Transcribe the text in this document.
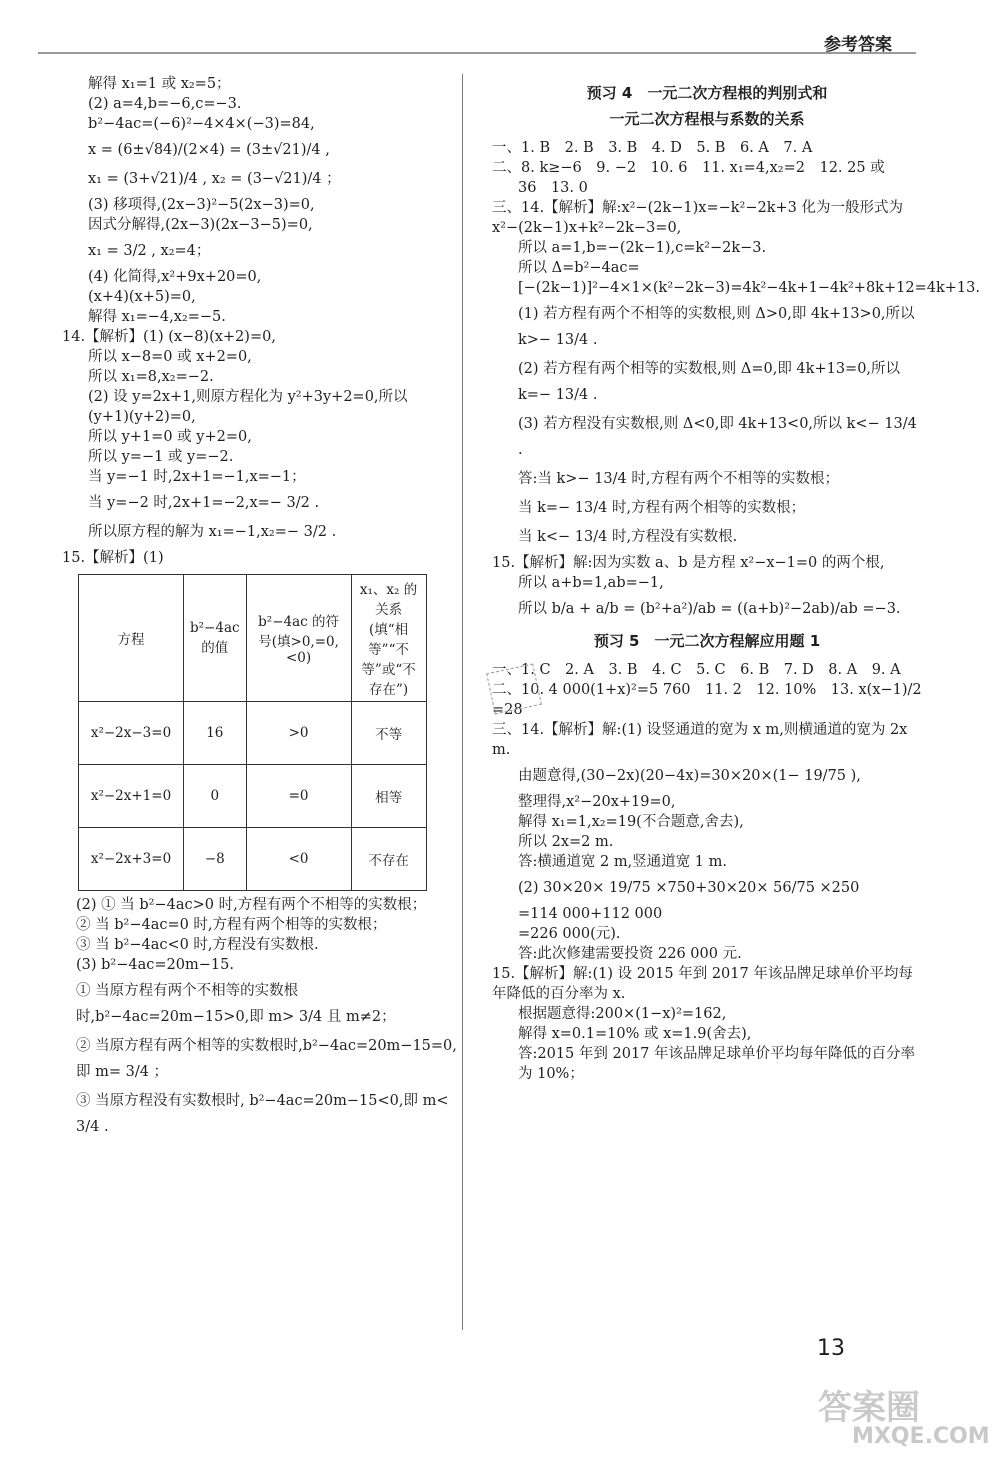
参考答案

解得 x₁=1 或 x₂=5；

(2) a=4,b=−6,c=−3.

b²−4ac=(−6)²−4×4×(−3)=84,

x = (6±√84)/(2×4) = (3±√21)/4 ,

x₁ = (3+√21)/4 , x₂ = (3−√21)/4 ；

(3) 移项得,(2x−3)²−5(2x−3)=0,

因式分解得,(2x−3)(2x−3−5)=0,

x₁ = 3/2 , x₂=4；

(4) 化简得,x²+9x+20=0,

(x+4)(x+5)=0,

解得 x₁=−4,x₂=−5.

14.【解析】(1) (x−8)(x+2)=0,

所以 x−8=0 或 x+2=0,

所以 x₁=8,x₂=−2.

(2) 设 y=2x+1,则原方程化为 y²+3y+2=0,所以

(y+1)(y+2)=0,

所以 y+1=0 或 y+2=0,

所以 y=−1 或 y=−2.

当 y=−1 时,2x+1=−1,x=−1；

当 y=−2 时,2x+1=−2,x=− 3/2 .

所以原方程的解为 x₁=−1,x₂=− 3/2 .

15.【解析】(1)

方程	b²−4ac 的值	b²−4ac 的符号(填>0,=0,<0)	x₁、x₂ 的关系(填“相等”“不等”或“不存在”)
x²−2x−3=0	16	>0	不等
x²−2x+1=0	0	=0	相等
x²−2x+3=0	−8	<0	不存在

(2) ① 当 b²−4ac>0 时,方程有两个不相等的实数根；

② 当 b²−4ac=0 时,方程有两个相等的实数根；

③ 当 b²−4ac<0 时,方程没有实数根.

(3) b²−4ac=20m−15.

① 当原方程有两个不相等的实数根时,b²−4ac=20m−15>0,即 m> 3/4 且 m≠2；

② 当原方程有两个相等的实数根时,b²−4ac=20m−15=0,即 m= 3/4 ；

③ 当原方程没有实数根时, b²−4ac=20m−15<0,即 m< 3/4 .

预习 4　一元二次方程根的判别式和
一元二次方程根与系数的关系

一、1. B　2. B　3. B　4. D　5. B　6. A　7. A

二、8. k≥−6　9. −2　10. 6　11. x₁=4,x₂=2　12. 25 或

36　13. 0

三、14.【解析】解:x²−(2k−1)x=−k²−2k+3 化为一般形式为 x²−(2k−1)x+k²−2k−3=0,

所以 a=1,b=−(2k−1),c=k²−2k−3.

所以 Δ=b²−4ac=[−(2k−1)]²−4×1×(k²−2k−3)=4k²−4k+1−4k²+8k+12=4k+13.

(1) 若方程有两个不相等的实数根,则 Δ>0,即 4k+13>0,所以 k>− 13/4 .

(2) 若方程有两个相等的实数根,则 Δ=0,即 4k+13=0,所以 k=− 13/4 .

(3) 若方程没有实数根,则 Δ<0,即 4k+13<0,所以 k<− 13/4 .

答:当 k>− 13/4 时,方程有两个不相等的实数根；

当 k=− 13/4 时,方程有两个相等的实数根；

当 k<− 13/4 时,方程没有实数根.

15.【解析】解:因为实数 a、b 是方程 x²−x−1=0 的两个根,

所以 a+b=1,ab=−1,

所以 b/a + a/b = (b²+a²)/ab = ((a+b)²−2ab)/ab =−3.

预习 5　一元二次方程解应用题 1

一、1. C　2. A　3. B　4. C　5. C　6. B　7. D　8. A　9. A

二、10. 4 000(1+x)²=5 760　11. 2　12. 10%　13. x(x−1)/2 =28

三、14.【解析】解:(1) 设竖通道的宽为 x m,则横通道的宽为 2x m.

由题意得,(30−2x)(20−4x)=30×20×(1− 19/75 ),

整理得,x²−20x+19=0,

解得 x₁=1,x₂=19(不合题意,舍去),

所以 2x=2 m.

答:横通道宽 2 m,竖通道宽 1 m.

(2) 30×20× 19/75 ×750+30×20× 56/75 ×250

=114 000+112 000

=226 000(元).

答:此次修建需要投资 226 000 元.

15.【解析】解:(1) 设 2015 年到 2017 年该品牌足球单价平均每年降低的百分率为 x.

根据题意得:200×(1−x)²=162,

解得 x=0.1=10% 或 x=1.9(舍去),

答:2015 年到 2017 年该品牌足球单价平均每年降低的百分率为 10%；

13
答案圈
MXQE.COM
